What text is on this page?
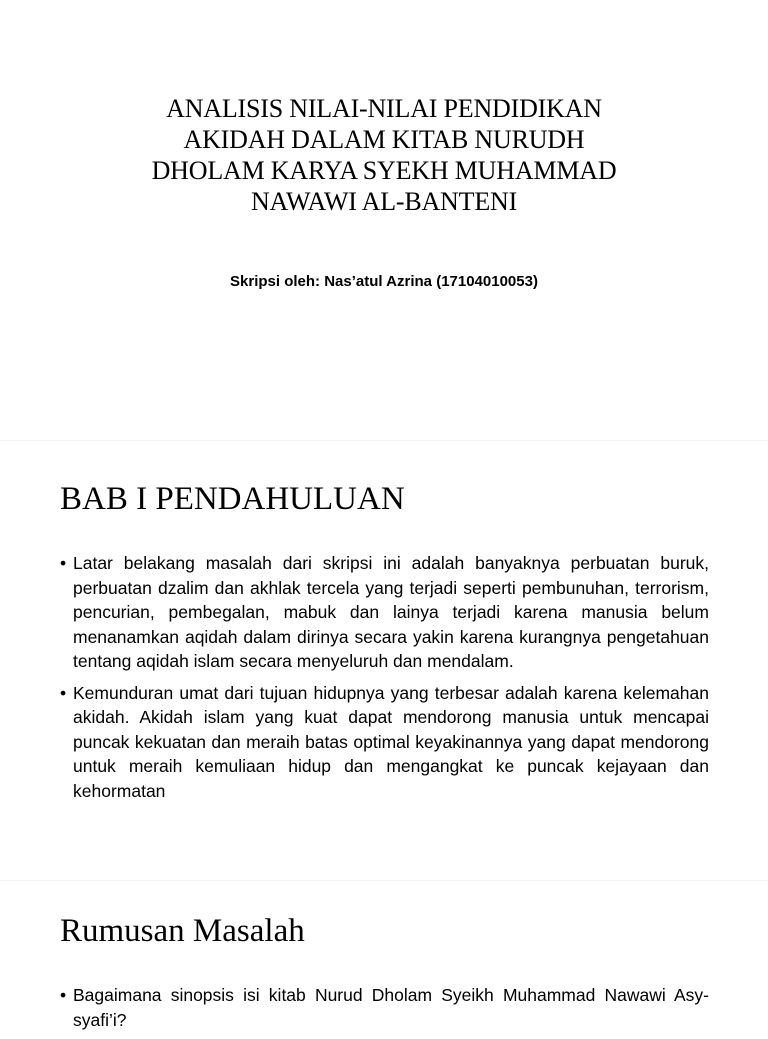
ANALISIS NILAI-NILAI PENDIDIKAN
AKIDAH DALAM KITAB NURUDH
DHOLAM KARYA SYEKH MUHAMMAD
NAWAWI AL-BANTENI

Skripsi oleh: Nas’atul Azrina (17104010053)

BAB I PENDAHULUAN
• Latar belakang masalah dari skripsi ini adalah banyaknya perbuatan buruk, perbuatan dzalim dan akhlak tercela yang terjadi seperti pembunuhan, terrorism, pencurian, pembegalan, mabuk dan lainya terjadi karena manusia belum menanamkan aqidah dalam dirinya secara yakin karena kurangnya pengetahuan tentang aqidah islam secara menyeluruh dan mendalam.
• Kemunduran umat dari tujuan hidupnya yang terbesar adalah karena kelemahan akidah. Akidah islam yang kuat dapat mendorong manusia untuk mencapai puncak kekuatan dan meraih batas optimal keyakinannya yang dapat mendorong untuk meraih kemuliaan hidup dan mengangkat ke puncak kejayaan dan kehormatan
Rumusan Masalah
• Bagaimana sinopsis isi kitab Nurud Dholam Syeikh Muhammad Nawawi Asy-syafi’i?
